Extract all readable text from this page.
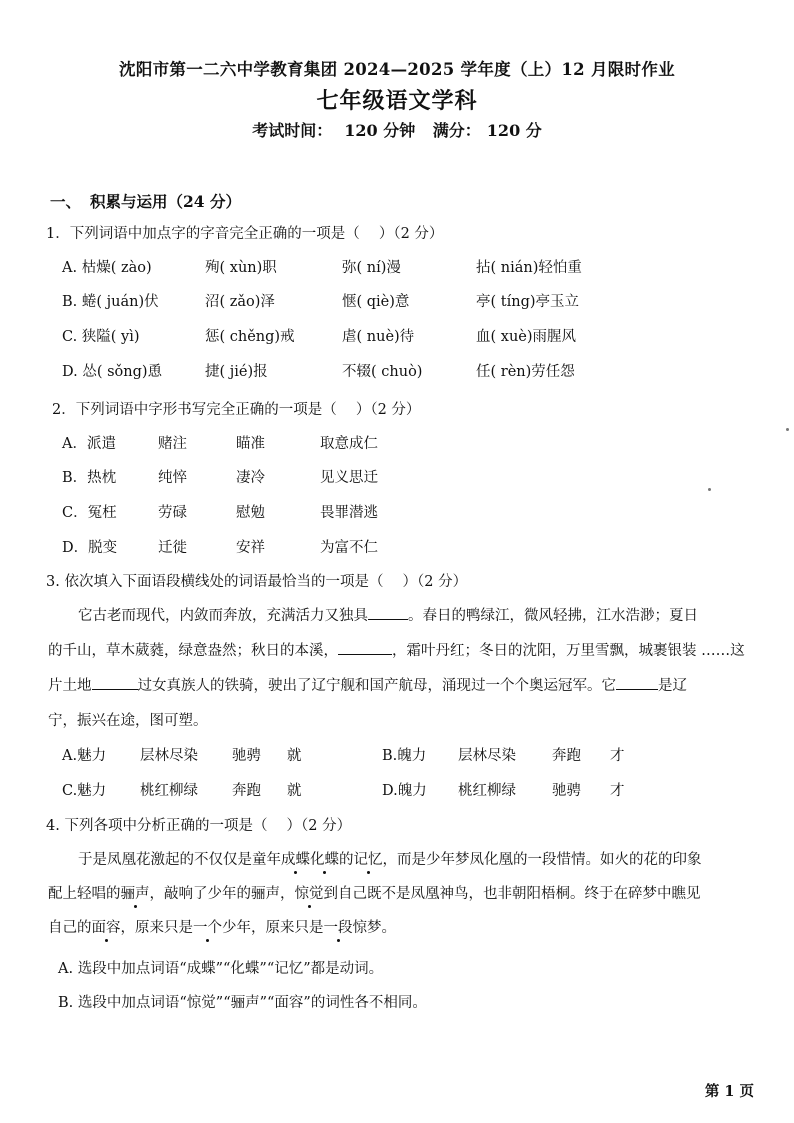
沈阳市第一二六中学教育集团 2024—2025 学年度（上）12 月限时作业
七年级语文学科
考试时间： 120 分钟 满分： 120 分
一、 积累与运用（24 分）
1．下列词语中加点字的字音完全正确的一项是（　 ）（2 分）
A. 枯燥( zào)	殉( xùn)职	弥( ní)漫	拈( nián)轻怕重
B. 蜷( juán)伏	沼( zǎo)泽	惬( qiè)意	亭( tíng)亭玉立
C. 狭隘( yì)	惩( chěng)戒	虐( nuè)待	血( xuè)雨腥风
D. 怂( sǒng)恿	捷( jié)报	不辍( chuò)	任( rèn)劳任怨
2．下列词语中字形书写完全正确的一项是（　 ）（2 分）
A．派遣	赌注	瞄准	取意成仁
B．热枕	纯悴	凄冷	见义思迁
C．冤枉	劳碌	慰勉	畏罪潜逃
D．脱变	迁徙	安祥	为富不仁
3. 依次填入下面语段横线处的词语最恰当的一项是（　 ）（2 分）
它古老而现代，内敛而奔放，充满活力又独具	。春日的鸭绿江，微风轻拂，江水浩渺；夏日
的千山，草木葳蕤，绿意盎然；秋日的本溪，	，霜叶丹红；冬日的沈阳，万里雪飘，城裹银装 ……这
片土地	过女真族人的铁骑，驶出了辽宁舰和国产航母，涌现过一个个奥运冠军。它	是辽
宁，振兴在途，图可塑。
A.魅力 层林尽染 驰骋 就	B.魄力 层林尽染 奔跑 才
C.魅力 桃红柳绿 奔跑 就	D.魄力 桃红柳绿 驰骋 才
4. 下列各项中分析正确的一项是（　 ）（2 分）
于是凤凰花激起的不仅仅是童年成蝶化蝶的记忆，而是少年梦凤化凰的一段惜情。如火的花的印象
配上轻唱的骊声，敲响了少年的骊声，惊觉到自己既不是凤凰神鸟，也非朝阳梧桐。终于在碎梦中瞧见
自己的面容，原来只是一个少年，原来只是一段惊梦。
A. 选段中加点词语“成蝶”“化蝶”“记忆”都是动词。
B. 选段中加点词语“惊觉”“骊声”“面容”的词性各不相同。
第 1 页
